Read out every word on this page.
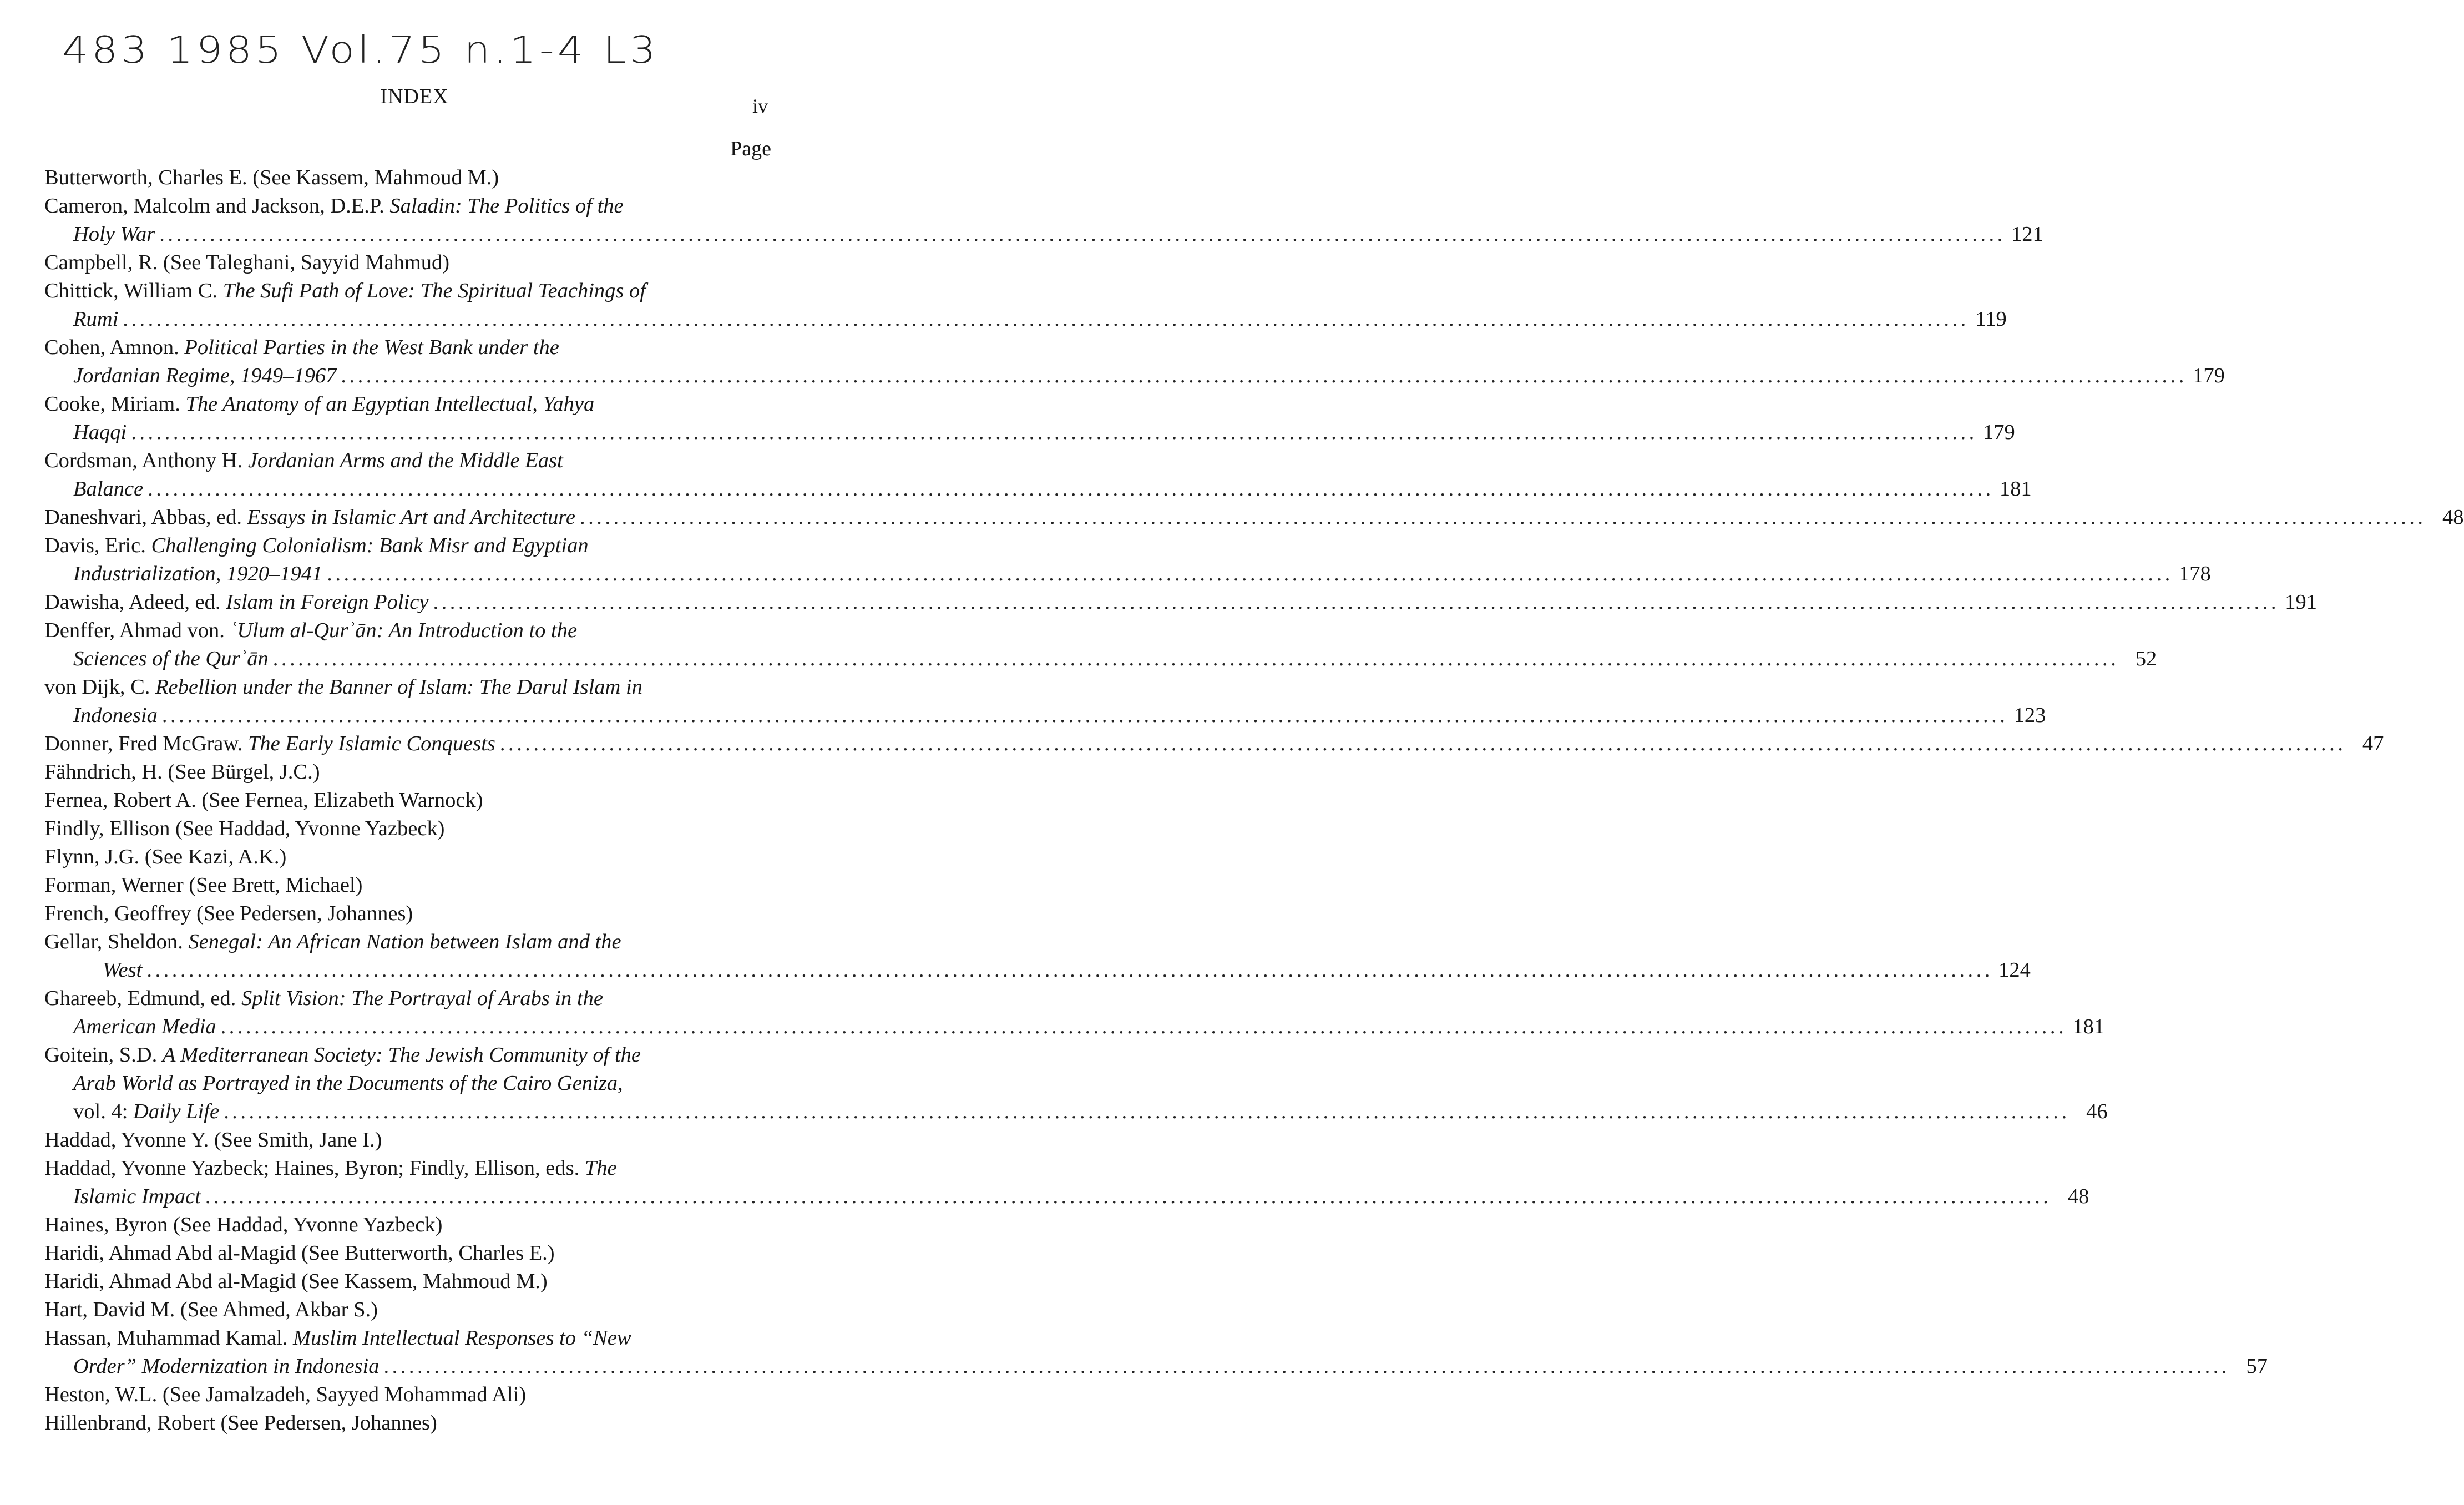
483 1985 Vol.75 n.1-4 L3
INDEX	iv
Page
Butterworth, Charles E. (See Kassem, Mahmoud M.)
Cameron, Malcolm and Jackson, D.E.P. Saladin: The Politics of the
Holy War ............................................................................................................................................................................................................................ 121
Campbell, R. (See Taleghani, Sayyid Mahmud)
Chittick, William C. The Sufi Path of Love: The Spiritual Teachings of
Rumi ............................................................................................................................................................................................................................ 119
Cohen, Amnon. Political Parties in the West Bank under the
Jordanian Regime, 1949–1967 ............................................................................................................................................................................................................................ 179
Cooke, Miriam. The Anatomy of an Egyptian Intellectual, Yahya
Haqqi ............................................................................................................................................................................................................................ 179
Cordsman, Anthony H. Jordanian Arms and the Middle East
Balance ............................................................................................................................................................................................................................ 181
Daneshvari, Abbas, ed. Essays in Islamic Art and Architecture ............................................................................................................................................................................................................................ 48
Davis, Eric. Challenging Colonialism: Bank Misr and Egyptian
Industrialization, 1920–1941 ............................................................................................................................................................................................................................ 178
Dawisha, Adeed, ed. Islam in Foreign Policy ............................................................................................................................................................................................................................ 191
Denffer, Ahmad von. ʿUlum al-Qurʾān: An Introduction to the
Sciences of the Qurʾān ............................................................................................................................................................................................................................ 52
von Dijk, C. Rebellion under the Banner of Islam: The Darul Islam in
Indonesia ............................................................................................................................................................................................................................ 123
Donner, Fred McGraw. The Early Islamic Conquests ............................................................................................................................................................................................................................ 47
Fähndrich, H. (See Bürgel, J.C.)
Fernea, Robert A. (See Fernea, Elizabeth Warnock)
Findly, Ellison (See Haddad, Yvonne Yazbeck)
Flynn, J.G. (See Kazi, A.K.)
Forman, Werner (See Brett, Michael)
French, Geoffrey (See Pedersen, Johannes)
Gellar, Sheldon. Senegal: An African Nation between Islam and the
West ............................................................................................................................................................................................................................ 124
Ghareeb, Edmund, ed. Split Vision: The Portrayal of Arabs in the
American Media ............................................................................................................................................................................................................................ 181
Goitein, S.D. A Mediterranean Society: The Jewish Community of the
Arab World as Portrayed in the Documents of the Cairo Geniza,
vol. 4: Daily Life ............................................................................................................................................................................................................................ 46
Haddad, Yvonne Y. (See Smith, Jane I.)
Haddad, Yvonne Yazbeck; Haines, Byron; Findly, Ellison, eds. The
Islamic Impact ............................................................................................................................................................................................................................ 48
Haines, Byron (See Haddad, Yvonne Yazbeck)
Haridi, Ahmad Abd al-Magid (See Butterworth, Charles E.)
Haridi, Ahmad Abd al-Magid (See Kassem, Mahmoud M.)
Hart, David M. (See Ahmed, Akbar S.)
Hassan, Muhammad Kamal. Muslim Intellectual Responses to “New
Order” Modernization in Indonesia ............................................................................................................................................................................................................................ 57
Heston, W.L. (See Jamalzadeh, Sayyed Mohammad Ali)
Hillenbrand, Robert (See Pedersen, Johannes)
